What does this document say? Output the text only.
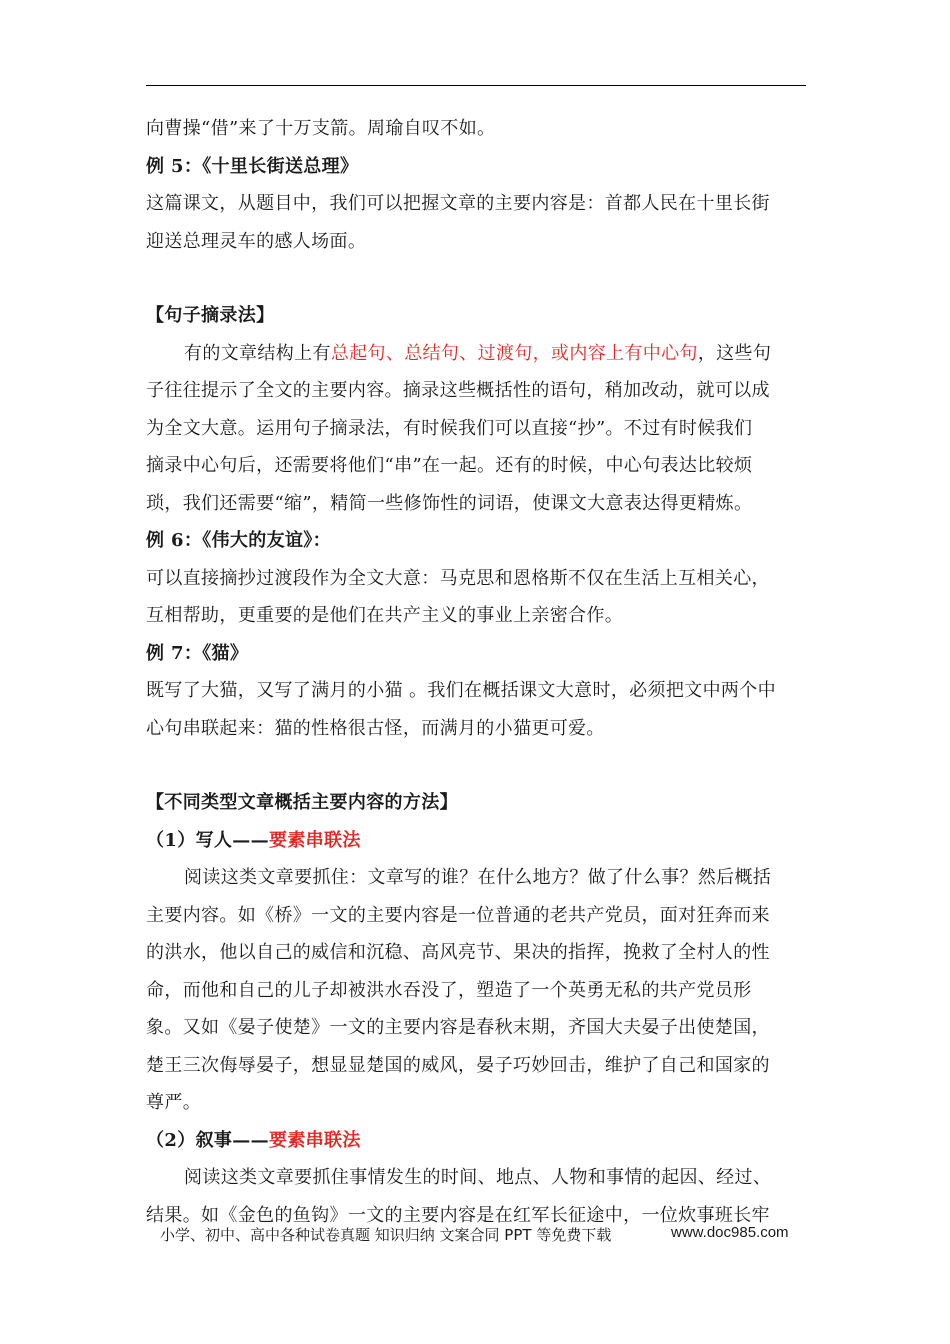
向曹操“借”来了十万支箭。周瑜自叹不如。
例 5：《十里长街送总理》
这篇课文，从题目中，我们可以把握文章的主要内容是：首都人民在十里长街
迎送总理灵车的感人场面。
【句子摘录法】
有的文章结构上有总起句、总结句、过渡句，或内容上有中心句，这些句
子往往提示了全文的主要内容。摘录这些概括性的语句，稍加改动，就可以成
为全文大意。运用句子摘录法，有时候我们可以直接“抄”。不过有时候我们
摘录中心句后，还需要将他们“串”在一起。还有的时候，中心句表达比较烦
琐，我们还需要“缩”，精简一些修饰性的词语，使课文大意表达得更精炼。
例 6：《伟大的友谊》：
可以直接摘抄过渡段作为全文大意：马克思和恩格斯不仅在生活上互相关心，
互相帮助，更重要的是他们在共产主义的事业上亲密合作。
例 7：《猫》
既写了大猫，又写了满月的小猫 。我们在概括课文大意时，必须把文中两个中
心句串联起来：猫的性格很古怪，而满月的小猫更可爱。
【不同类型文章概括主要内容的方法】
（1）写人——要素串联法
阅读这类文章要抓住：文章写的谁？在什么地方？做了什么事？然后概括
主要内容。如《桥》一文的主要内容是一位普通的老共产党员，面对狂奔而来
的洪水，他以自己的威信和沉稳、高风亮节、果决的指挥，挽救了全村人的性
命，而他和自己的儿子却被洪水吞没了，塑造了一个英勇无私的共产党员形
象。又如《晏子使楚》一文的主要内容是春秋末期，齐国大夫晏子出使楚国，
楚王三次侮辱晏子，想显显楚国的威风，晏子巧妙回击，维护了自己和国家的
尊严。
（2）叙事——要素串联法
阅读这类文章要抓住事情发生的时间、地点、人物和事情的起因、经过、
结果。如《金色的鱼钩》一文的主要内容是在红军长征途中，一位炊事班长牢
小学、初中、高中各种试卷真题 知识归纳 文案合同 PPT 等免费下载	www.doc985.com
